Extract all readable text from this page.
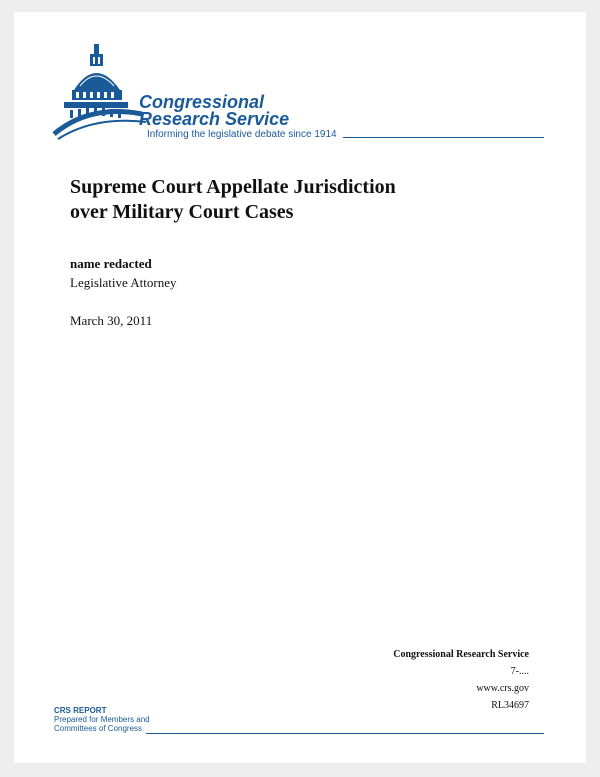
Congressional
Research Service
Informing the legislative debate since 1914
Supreme Court Appellate Jurisdiction
over Military Court Cases
name redacted
Legislative Attorney
March 30, 2011
Congressional Research Service
7-....
www.crs.gov
RL34697
CRS REPORT
Prepared for Members and
Committees of Congress
